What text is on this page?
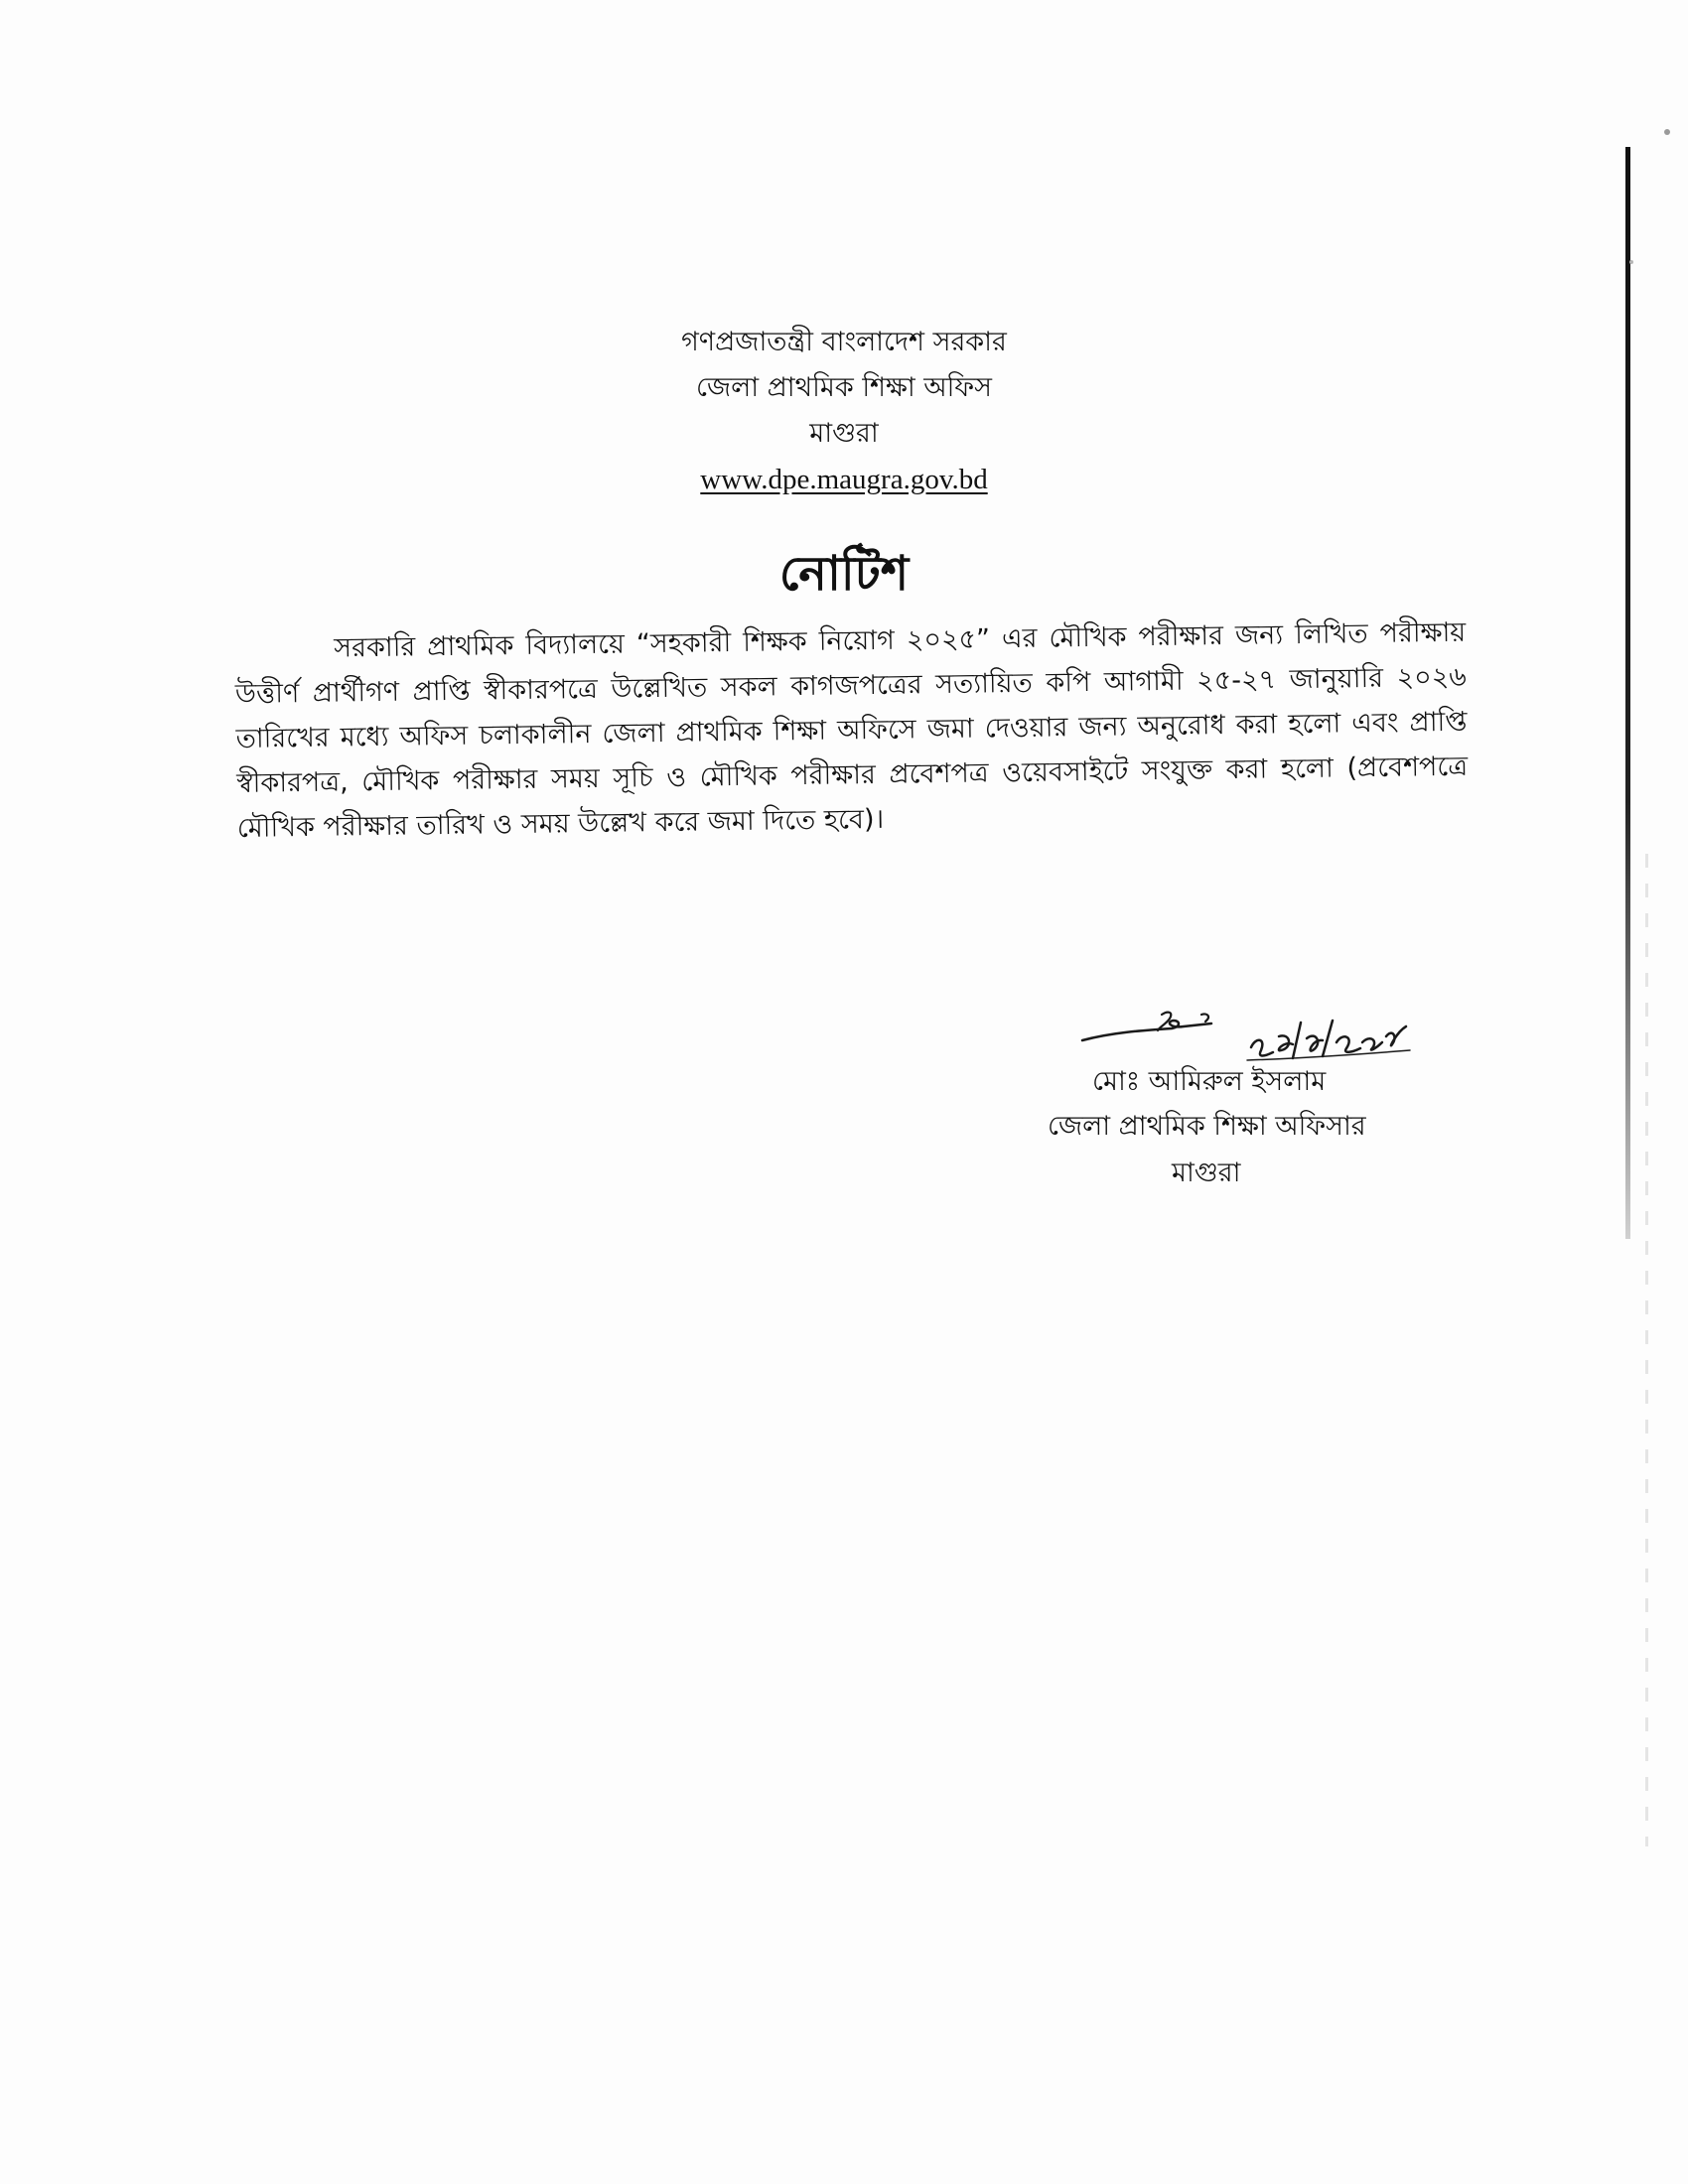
গণপ্রজাতন্ত্রী বাংলাদেশ সরকার
জেলা প্রাথমিক শিক্ষা অফিস
মাগুরা
www.dpe.maugra.gov.bd
নোটিশ
সরকারি প্রাথমিক বিদ্যালয়ে “সহকারী শিক্ষক নিয়োগ ২০২৫” এর মৌখিক পরীক্ষার জন্য লিখিত পরীক্ষায় উত্তীর্ণ প্রার্থীগণ প্রাপ্তি স্বীকারপত্রে উল্লেখিত সকল কাগজপত্রের সত্যায়িত কপি আগামী ২৫-২৭ জানুয়ারি ২০২৬ তারিখের মধ্যে অফিস চলাকালীন জেলা প্রাথমিক শিক্ষা অফিসে জমা দেওয়ার জন্য অনুরোধ করা হলো এবং প্রাপ্তি স্বীকারপত্র, মৌখিক পরীক্ষার সময় সূচি ও মৌখিক পরীক্ষার প্রবেশপত্র ওয়েবসাইটে সংযুক্ত করা হলো (প্রবেশপত্রে মৌখিক পরীক্ষার তারিখ ও সময় উল্লেখ করে জমা দিতে হবে)।
মোঃ আমিরুল ইসলাম
জেলা প্রাথমিক শিক্ষা অফিসার
মাগুরা
